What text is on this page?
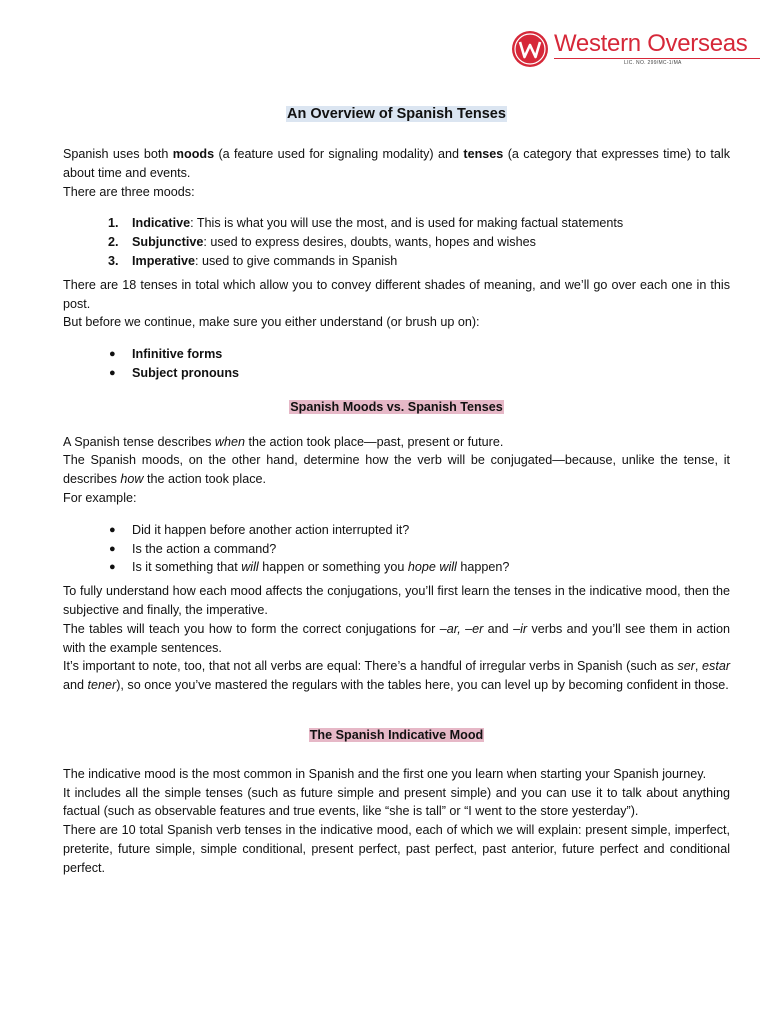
Western Overseas
LIC. NO. 299/MC-1/MA

An Overview of Spanish Tenses

Spanish uses both moods (a feature used for signaling modality) and tenses (a category that expresses time) to talk about time and events.

There are three moods:

1. Indicative: This is what you will use the most, and is used for making factual statements
2. Subjunctive: used to express desires, doubts, wants, hopes and wishes
3. Imperative: used to give commands in Spanish

There are 18 tenses in total which allow you to convey different shades of meaning, and we’ll go over each one in this post.

But before we continue, make sure you either understand (or brush up on):

● Infinitive forms
● Subject pronouns

Spanish Moods vs. Spanish Tenses

A Spanish tense describes when the action took place—past, present or future.

The Spanish moods, on the other hand, determine how the verb will be conjugated—because, unlike the tense, it describes how the action took place.

For example:

● Did it happen before another action interrupted it?
● Is the action a command?
● Is it something that will happen or something you hope will happen?

To fully understand how each mood affects the conjugations, you’ll first learn the tenses in the indicative mood, then the subjective and finally, the imperative.

The tables will teach you how to form the correct conjugations for –ar, –er and –ir verbs and you’ll see them in action with the example sentences.

It’s important to note, too, that not all verbs are equal: There’s a handful of irregular verbs in Spanish (such as ser, estar and tener), so once you’ve mastered the regulars with the tables here, you can level up by becoming confident in those.

The Spanish Indicative Mood

The indicative mood is the most common in Spanish and the first one you learn when starting your Spanish journey.

It includes all the simple tenses (such as future simple and present simple) and you can use it to talk about anything factual (such as observable features and true events, like “she is tall” or “I went to the store yesterday”).

There are 10 total Spanish verb tenses in the indicative mood, each of which we will explain: present simple, imperfect, preterite, future simple, simple conditional, present perfect, past perfect, past anterior, future perfect and conditional perfect.
